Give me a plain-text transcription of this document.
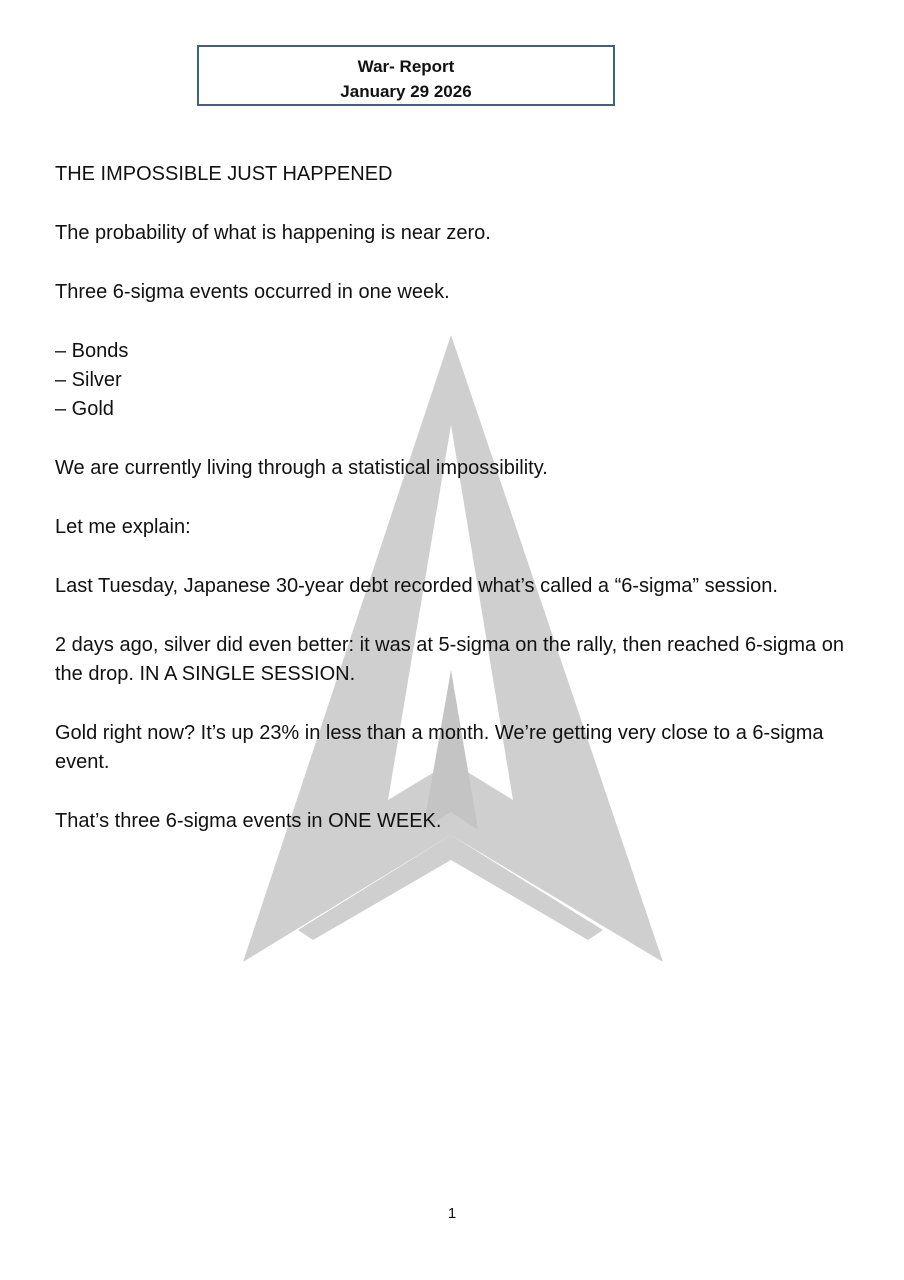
War- Report
January 29 2026

THE IMPOSSIBLE JUST HAPPENED

The probability of what is happening is near zero.

Three 6-sigma events occurred in one week.

– Bonds
– Silver
– Gold

We are currently living through a statistical impossibility.

Let me explain:

Last Tuesday, Japanese 30-year debt recorded what’s called a “6-sigma” session.

2 days ago, silver did even better: it was at 5-sigma on the rally, then reached 6-sigma on the drop. IN A SINGLE SESSION.

Gold right now? It’s up 23% in less than a month. We’re getting very close to a 6-sigma event.

That’s three 6-sigma events in ONE WEEK.

1
